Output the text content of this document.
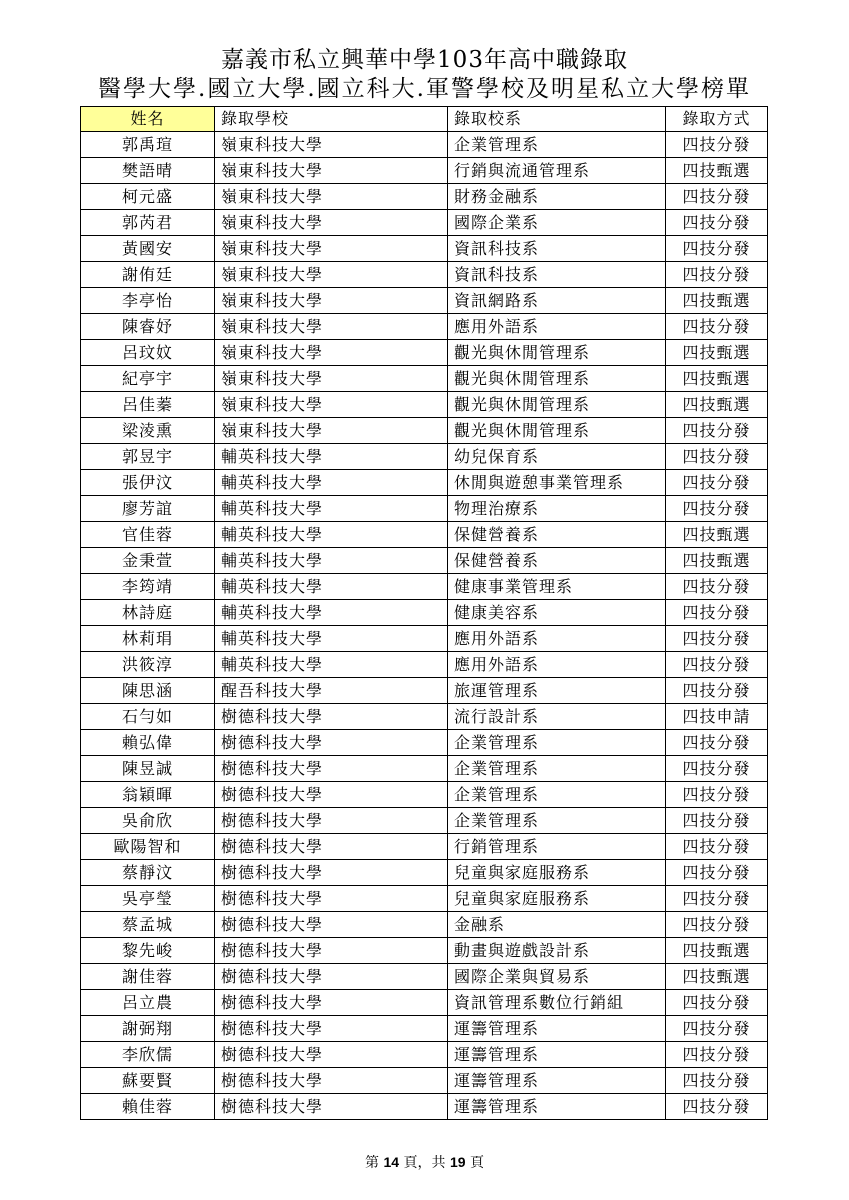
嘉義市私立興華中學103年高中職錄取
醫學大學.國立大學.國立科大.軍警學校及明星私立大學榜單
姓名	錄取學校	錄取校系	錄取方式
郭禹瑄	嶺東科技大學	企業管理系	四技分發
樊語晴	嶺東科技大學	行銷與流通管理系	四技甄選
柯元盛	嶺東科技大學	財務金融系	四技分發
郭芮君	嶺東科技大學	國際企業系	四技分發
黃國安	嶺東科技大學	資訊科技系	四技分發
謝侑廷	嶺東科技大學	資訊科技系	四技分發
李亭怡	嶺東科技大學	資訊網路系	四技甄選
陳睿妤	嶺東科技大學	應用外語系	四技分發
呂玟妏	嶺東科技大學	觀光與休閒管理系	四技甄選
紀亭宇	嶺東科技大學	觀光與休閒管理系	四技甄選
呂佳蓁	嶺東科技大學	觀光與休閒管理系	四技甄選
梁淩熏	嶺東科技大學	觀光與休閒管理系	四技分發
郭昱宇	輔英科技大學	幼兒保育系	四技分發
張伊汶	輔英科技大學	休閒與遊憩事業管理系	四技分發
廖芳誼	輔英科技大學	物理治療系	四技分發
官佳蓉	輔英科技大學	保健營養系	四技甄選
金秉萱	輔英科技大學	保健營養系	四技甄選
李筠靖	輔英科技大學	健康事業管理系	四技分發
林詩庭	輔英科技大學	健康美容系	四技分發
林莉琄	輔英科技大學	應用外語系	四技分發
洪筱淳	輔英科技大學	應用外語系	四技分發
陳思涵	醒吾科技大學	旅運管理系	四技分發
石勻如	樹德科技大學	流行設計系	四技申請
賴弘偉	樹德科技大學	企業管理系	四技分發
陳昱誠	樹德科技大學	企業管理系	四技分發
翁穎暉	樹德科技大學	企業管理系	四技分發
吳俞欣	樹德科技大學	企業管理系	四技分發
歐陽智和	樹德科技大學	行銷管理系	四技分發
蔡靜汶	樹德科技大學	兒童與家庭服務系	四技分發
吳亭瑩	樹德科技大學	兒童與家庭服務系	四技分發
蔡孟城	樹德科技大學	金融系	四技分發
黎先峻	樹德科技大學	動畫與遊戲設計系	四技甄選
謝佳蓉	樹德科技大學	國際企業與貿易系	四技甄選
呂立農	樹德科技大學	資訊管理系數位行銷組	四技分發
謝弼翔	樹德科技大學	運籌管理系	四技分發
李欣儒	樹德科技大學	運籌管理系	四技分發
蘇要賢	樹德科技大學	運籌管理系	四技分發
賴佳蓉	樹德科技大學	運籌管理系	四技分發
第 14 頁，共 19 頁
